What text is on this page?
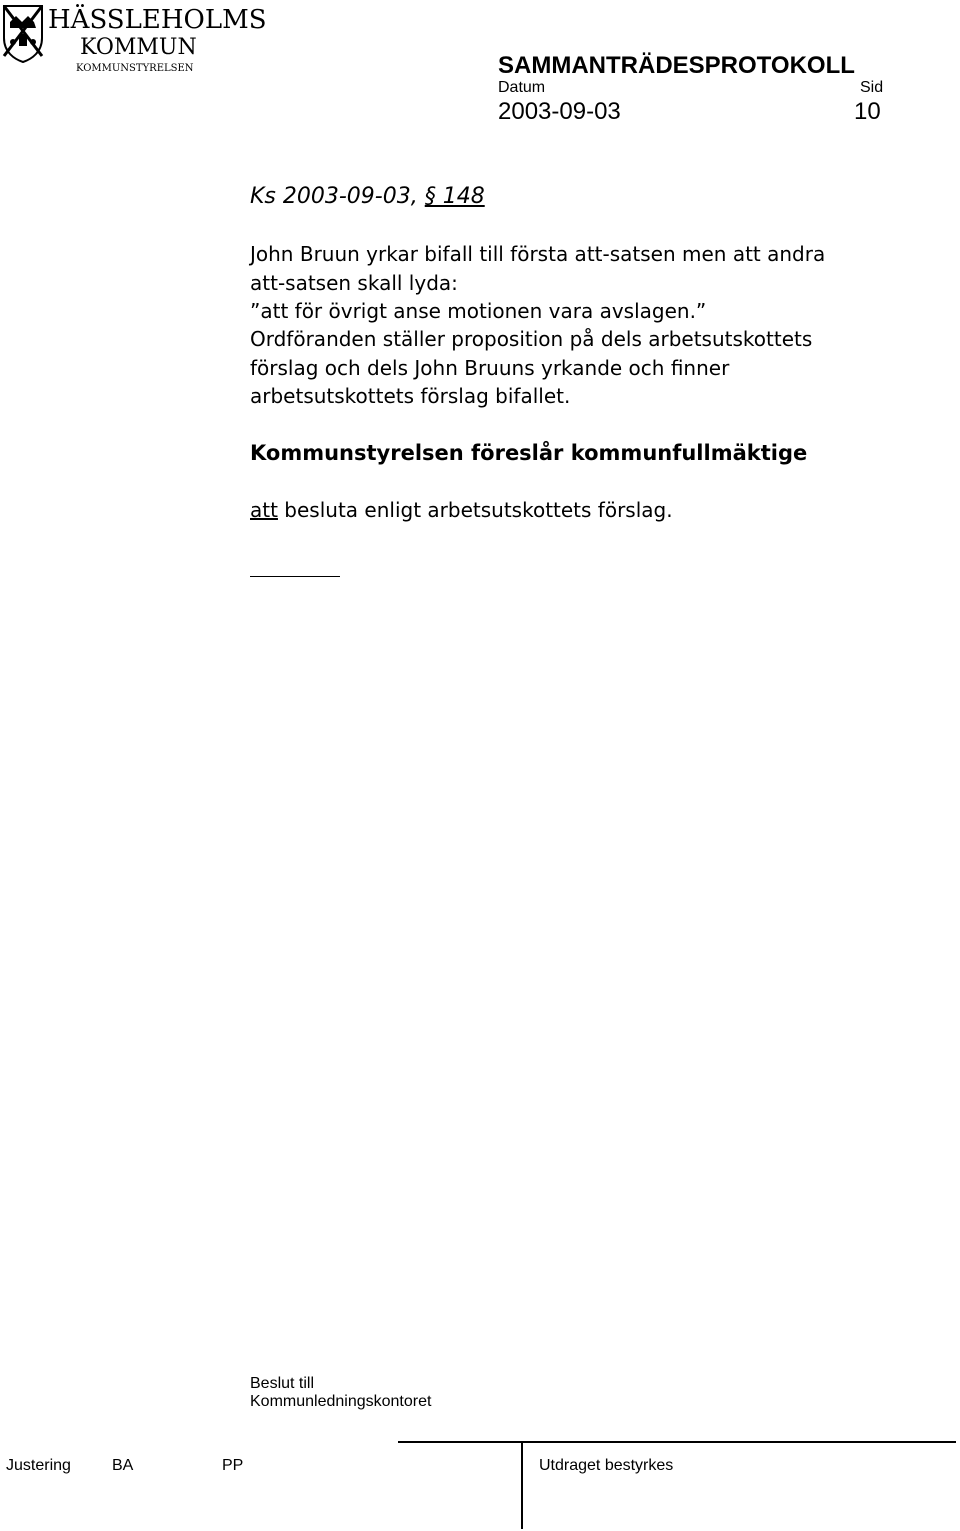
HÄSSLEHOLMS
KOMMUN
KOMMUNSTYRELSEN	SAMMANTRÄDESPROTOKOLL
Datum	Sid
2003-09-03	10
Ks 2003-09-03, § 148
John Bruun yrkar bifall till första att-satsen men att andra
att-satsen skall lyda:
”att för övrigt anse motionen vara avslagen.”
Ordföranden ställer proposition på dels arbetsutskottets
förslag och dels John Bruuns yrkande och finner
arbetsutskottets förslag bifallet.
Kommunstyrelsen föreslår kommunfullmäktige
att besluta enligt arbetsutskottets förslag.
Beslut till
Kommunledningskontoret
Justering	BA	PP	Utdraget bestyrkes
